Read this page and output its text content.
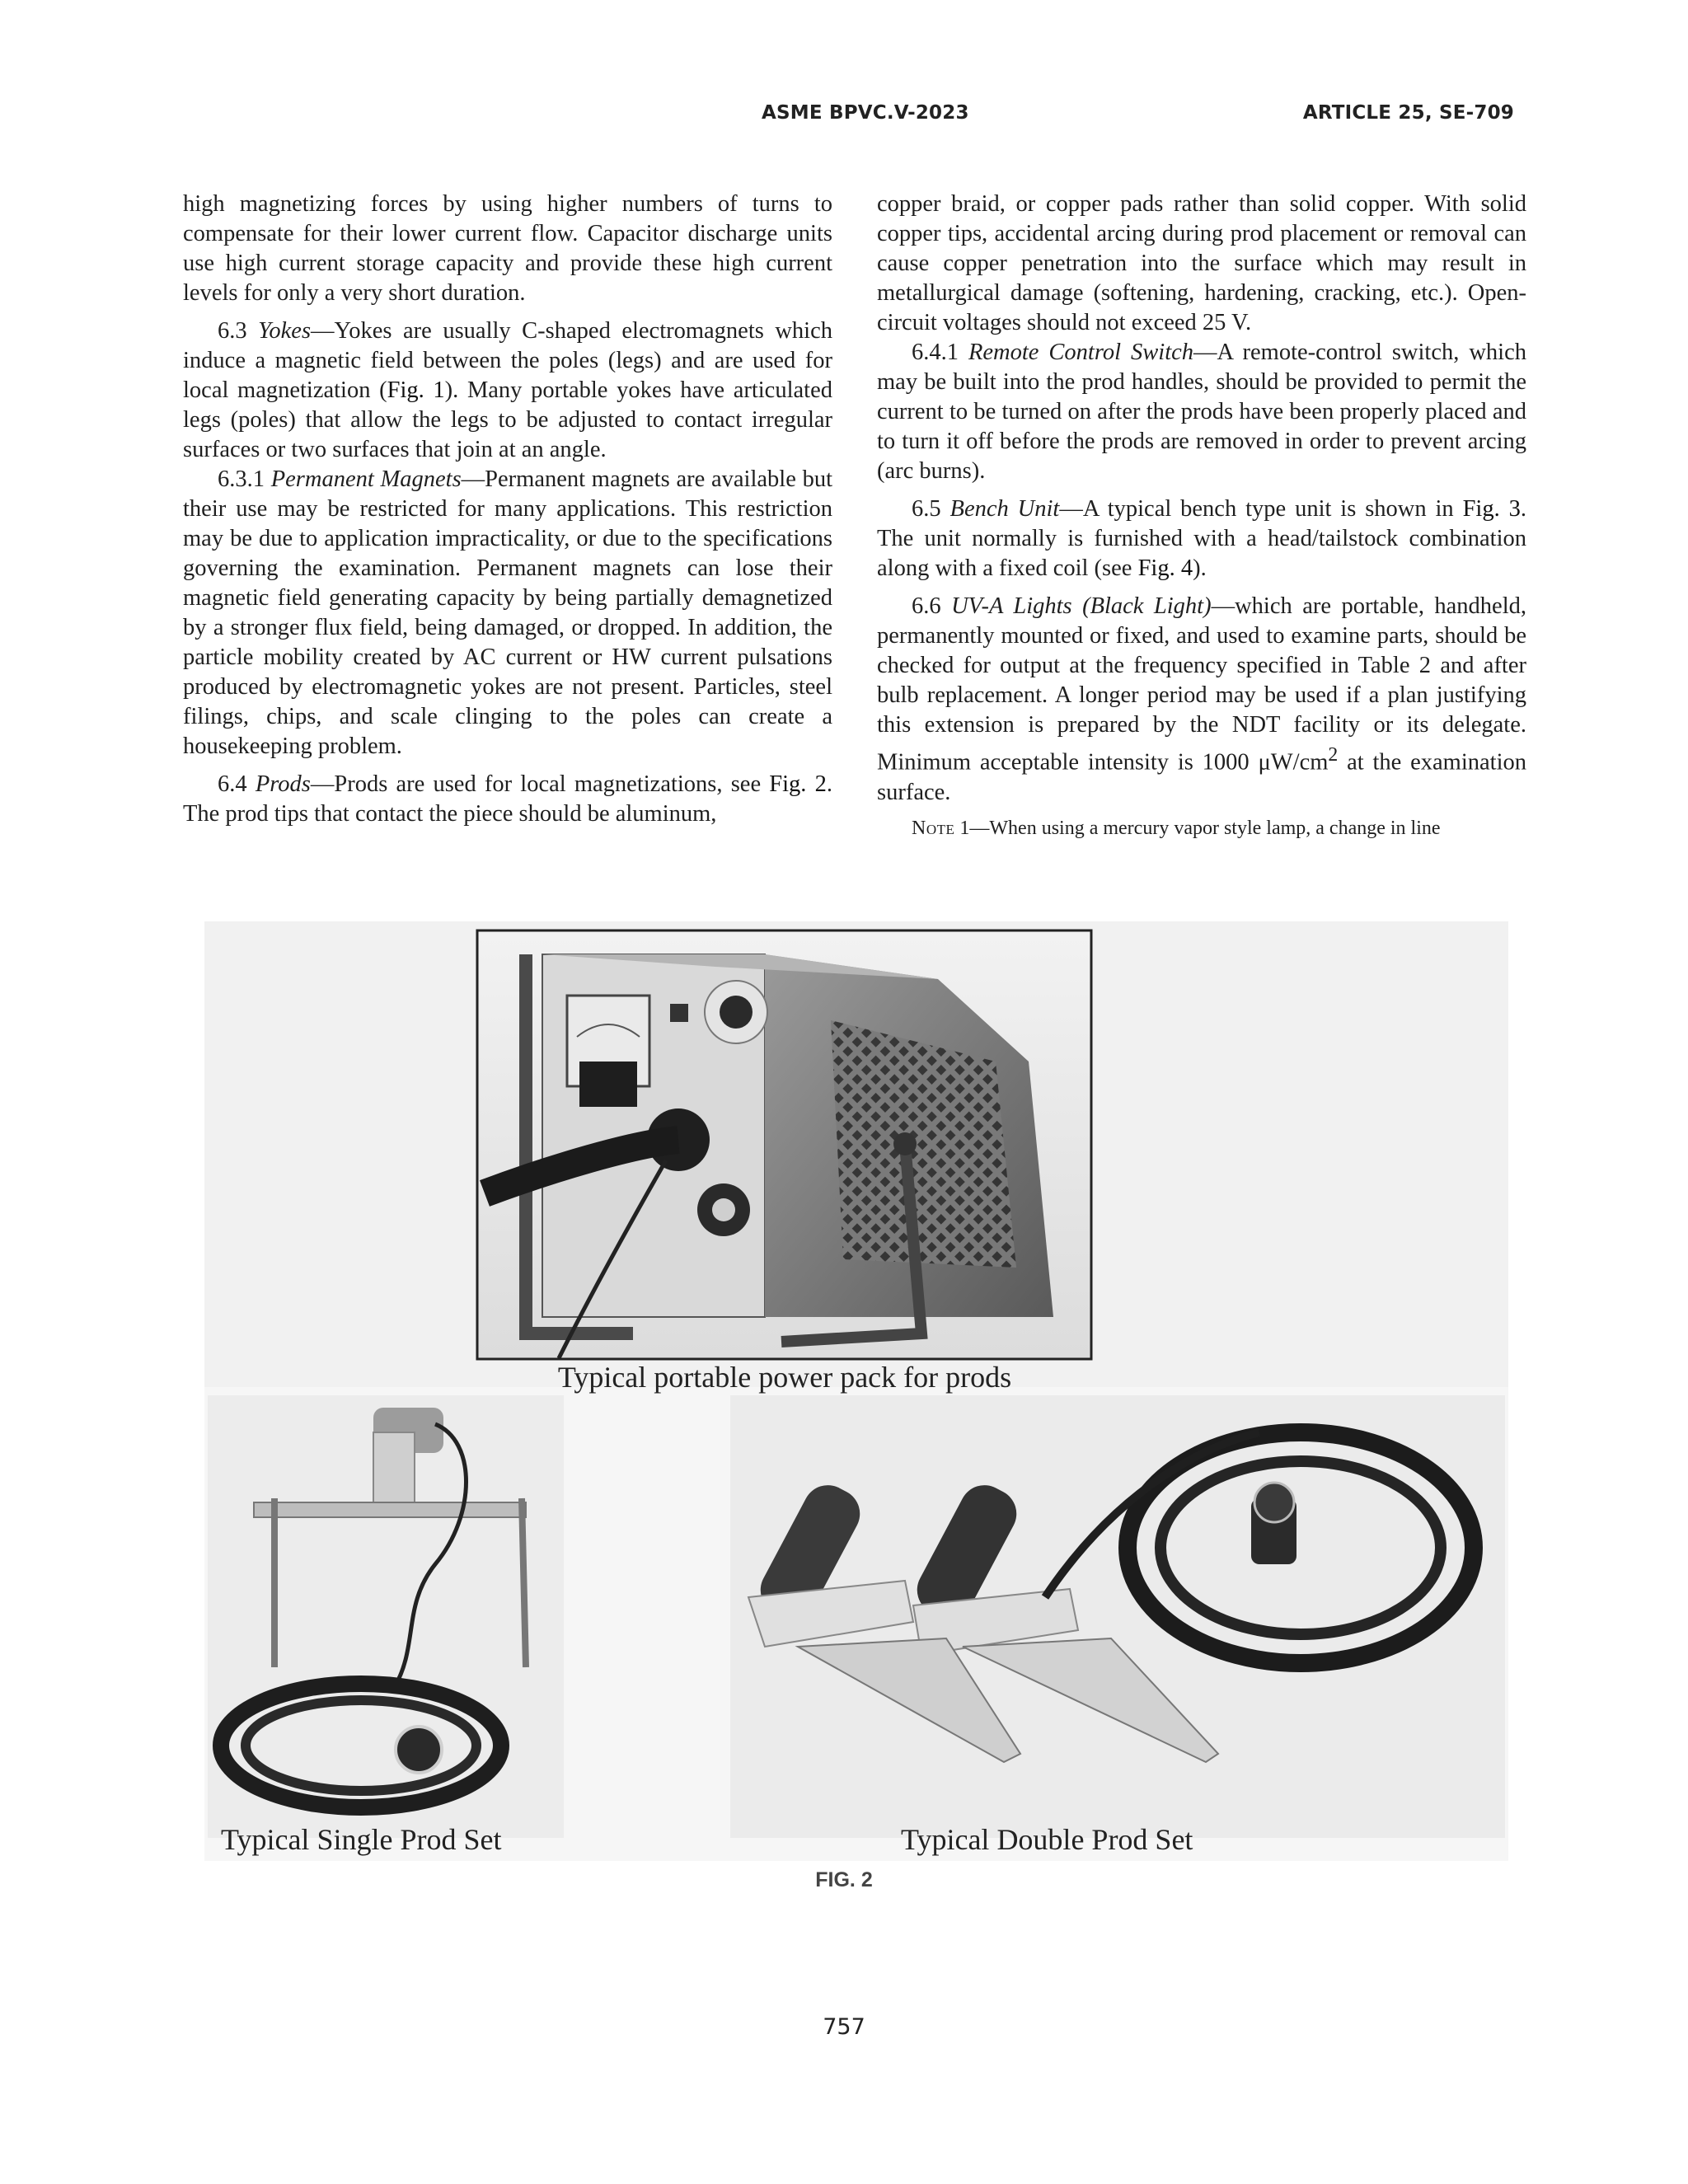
ASME BPVC.V-2023	ARTICLE 25, SE-709

high magnetizing forces by using higher numbers of turns to compensate for their lower current flow. Capacitor discharge units use high current storage capacity and provide these high current levels for only a very short duration.

6.3 Yokes—Yokes are usually C-shaped electromagnets which induce a magnetic field between the poles (legs) and are used for local magnetization (Fig. 1). Many portable yokes have articulated legs (poles) that allow the legs to be adjusted to contact irregular surfaces or two surfaces that join at an angle.

6.3.1 Permanent Magnets—Permanent magnets are available but their use may be restricted for many applications. This restriction may be due to application impracticality, or due to the specifications governing the examination. Permanent magnets can lose their magnetic field generating capacity by being partially demagnetized by a stronger flux field, being damaged, or dropped. In addition, the particle mobility created by AC current or HW current pulsations produced by electromagnetic yokes are not present. Particles, steel filings, chips, and scale clinging to the poles can create a housekeeping problem.

6.4 Prods—Prods are used for local magnetizations, see Fig. 2. The prod tips that contact the piece should be aluminum,

copper braid, or copper pads rather than solid copper. With solid copper tips, accidental arcing during prod placement or removal can cause copper penetration into the surface which may result in metallurgical damage (softening, hardening, cracking, etc.). Open-circuit voltages should not exceed 25 V.

6.4.1 Remote Control Switch—A remote-control switch, which may be built into the prod handles, should be provided to permit the current to be turned on after the prods have been properly placed and to turn it off before the prods are removed in order to prevent arcing (arc burns).

6.5 Bench Unit—A typical bench type unit is shown in Fig. 3. The unit normally is furnished with a head/tailstock combination along with a fixed coil (see Fig. 4).

6.6 UV-A Lights (Black Light)—which are portable, handheld, permanently mounted or fixed, and used to examine parts, should be checked for output at the frequency specified in Table 2 and after bulb replacement. A longer period may be used if a plan justifying this extension is prepared by the NDT facility or its delegate. Minimum acceptable intensity is 1000 $\mu W/cm^2$ at the examination surface.

Note 1—When using a mercury vapor style lamp, a change in line

Typical portable power pack for prods
Typical Single Prod Set	Typical Double Prod Set
FIG. 2
757
